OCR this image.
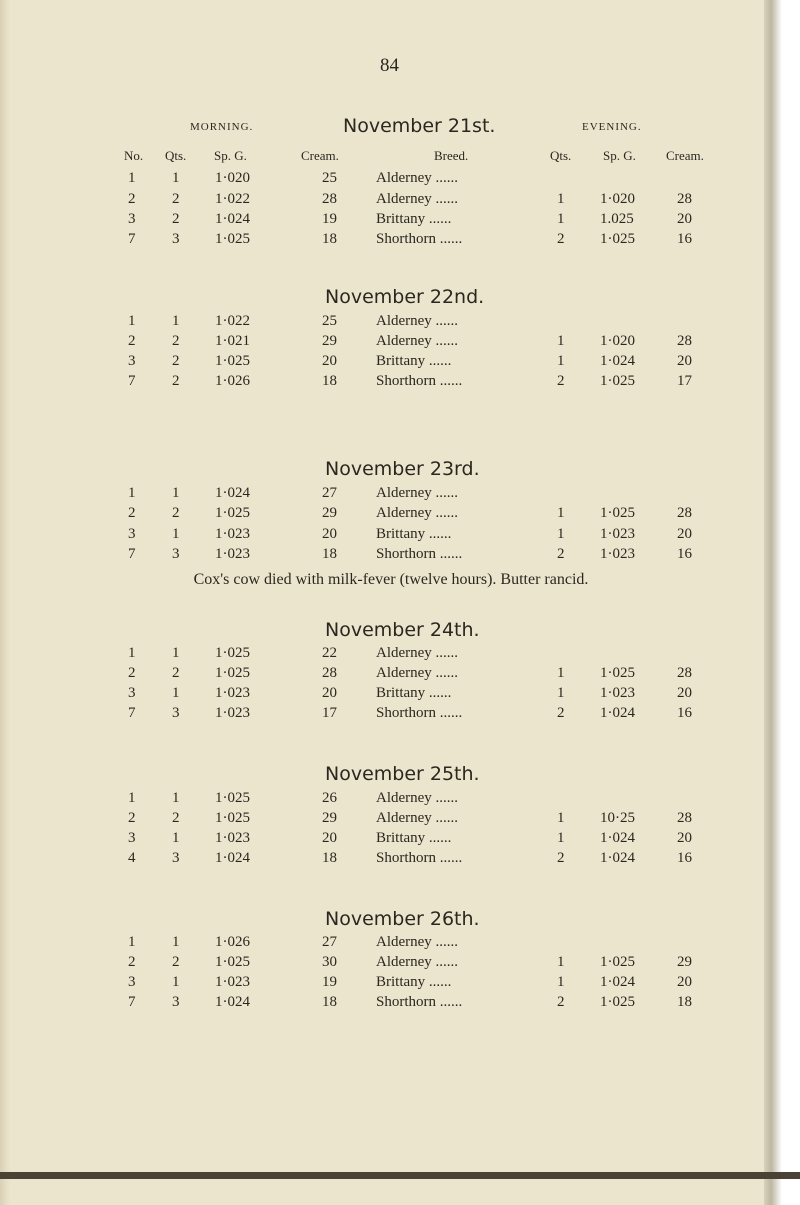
84
MORNING.	EVENING.
No. Qts. Sp. G.	Cream.	Breed.	Qts. Sp. G. Cream.
November 21st.
1 1 1·020	25	Alderney ......
2 2 1·022	28	Alderney ......	1 1·020	28
3 2 1·024	19	Brittany ......	1 1.025	20
7 3 1·025	18	Shorthorn ......	2 1·025	16
November 22nd.
1 1 1·022	25	Alderney ......
2 2 1·021	29	Alderney ......	1 1·020	28
3 2 1·025	20	Brittany ......	1 1·024	20
7 2 1·026	18	Shorthorn ......	2 1·025	17
November 23rd.
1 1 1·024	27	Alderney ......
2 2 1·025	29	Alderney ......	1 1·025	28
3 1 1·023	20	Brittany ......	1 1·023	20
7 3 1·023	18	Shorthorn ......	2 1·023	16
November 24th.
1 1 1·025	22	Alderney ......
2 2 1·025	28	Alderney ......	1 1·025	28
3 1 1·023	20	Brittany ......	1 1·023	20
7 3 1·023	17	Shorthorn ......	2 1·024	16
November 25th.
1 1 1·025	26	Alderney ......
2 2 1·025	29	Alderney ......	1 10·25	28
3 1 1·023	20	Brittany ......	1 1·024	20
4 3 1·024	18	Shorthorn ......	2 1·024	16
November 26th.
1 1 1·026	27	Alderney ......
2 2 1·025	30	Alderney ......	1 1·025	29
3 1 1·023	19	Brittany ......	1 1·024	20
7 3 1·024	18	Shorthorn ......	2 1·025	18
Cox's cow died with milk-fever (twelve hours). Butter rancid.
